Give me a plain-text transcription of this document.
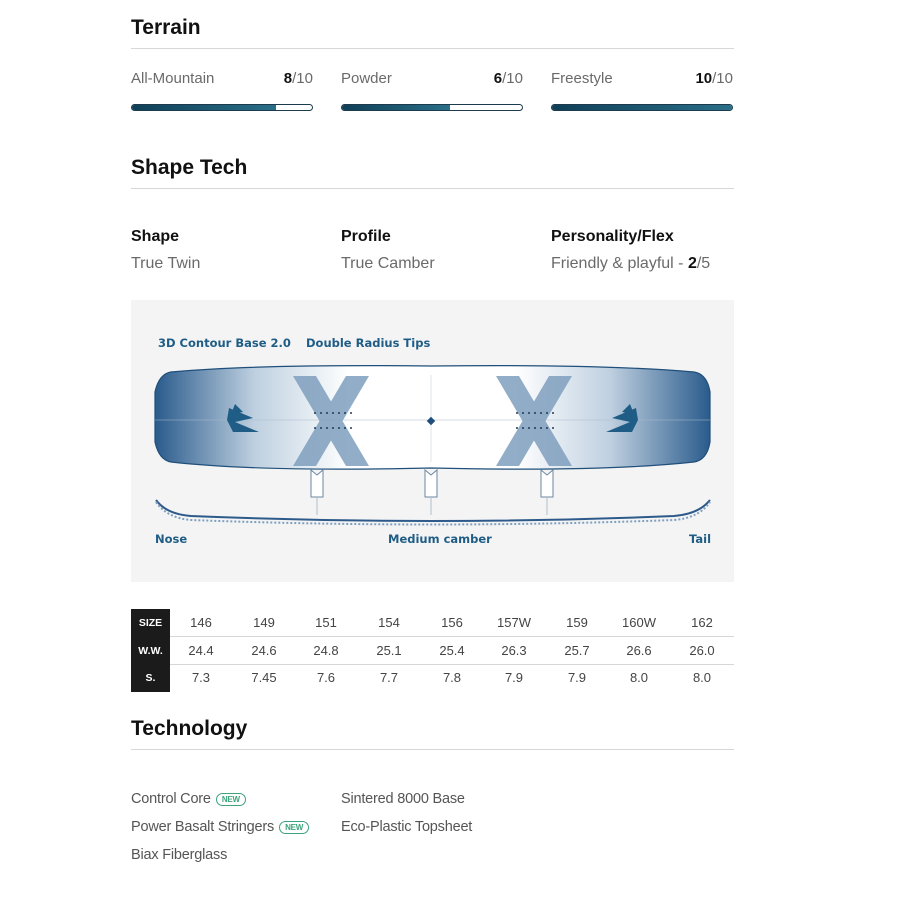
Terrain
All-Mountain	8/10 Powder	6/10 Freestyle	10/10
Shape Tech
Shape
True Twin
Profile
True Camber
Personality/Flex
Friendly & playful - 2/5
3D Contour Base 2.0 Double Radius Tips
Nose	Medium camber	Tail
SIZE	146	149	151	154	156	157W	159	160W	162
W.W.	24.4	24.6	24.8	25.1	25.4	26.3	25.7	26.6	26.0
S.	7.3	7.45	7.6	7.7	7.8	7.9	7.9	8.0	8.0
Technology
Control Core NEW
Power Basalt Stringers NEW
Biax Fiberglass
Sintered 8000 Base
Eco-Plastic Topsheet
